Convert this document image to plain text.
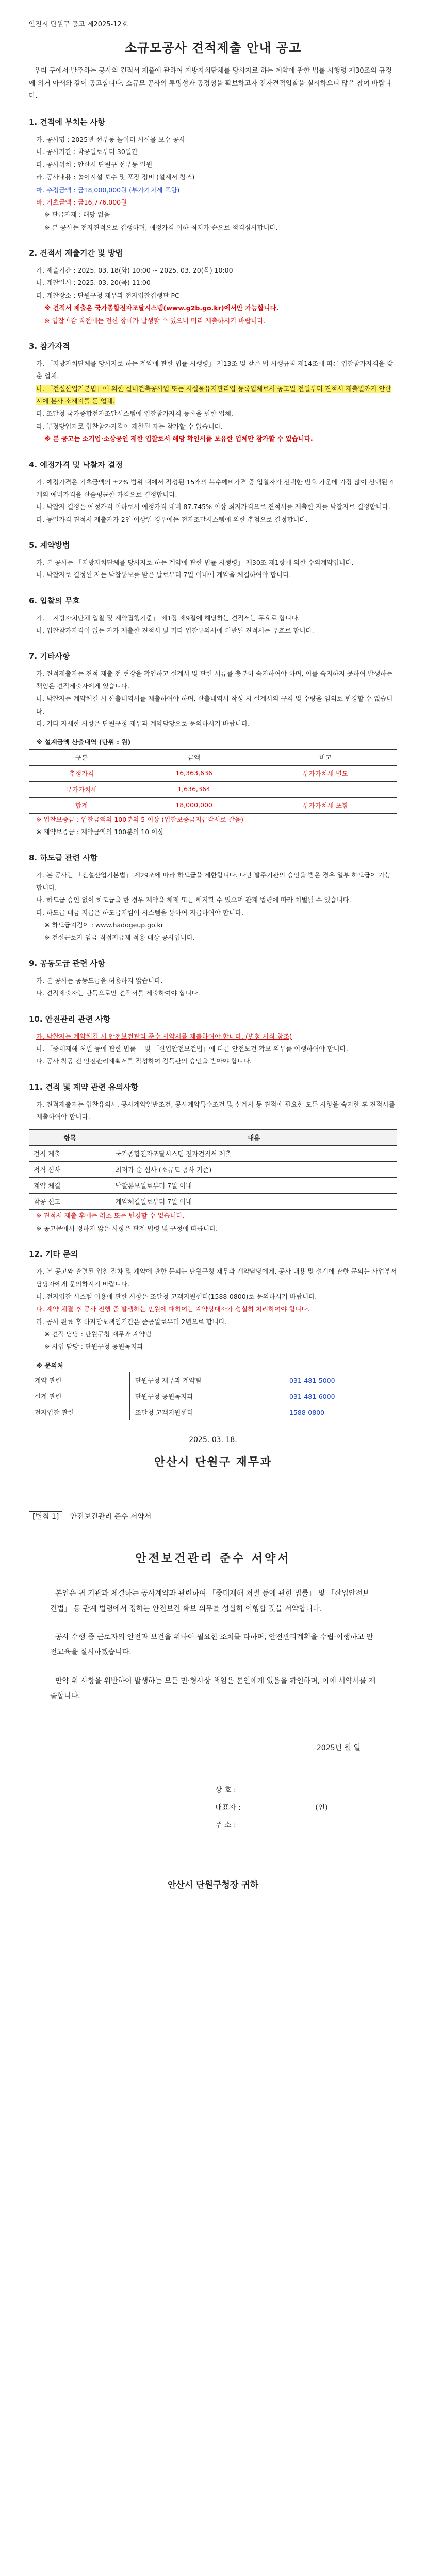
안전시 단원구 공고 제2025-12호
소규모공사 견적제출 안내 공고
우리 구에서 발주하는 공사의 견적서 제출에 관하여 지방자치단체를 당사자로 하는 계약에 관한 법률 시행령 제30조의 규정에 의거 아래와 같이 공고합니다. 소규모 공사의 투명성과 공정성을 확보하고자 전자견적입찰을 실시하오니 많은 참여 바랍니다.
1. 견적에 부치는 사항
가. 공사명 : 2025년 선부동 놀이터 시설물 보수 공사
나. 공사기간 : 착공일로부터 30일간
다. 공사위치 : 안산시 단원구 선부동 일원
라. 공사내용 : 놀이시설 보수 및 포장 정비 (설계서 참조)
마. 추정금액 : 금18,000,000원 (부가가치세 포함)
바. 기초금액 : 금16,776,000원
※ 관급자재 : 해당 없음
※ 본 공사는 전자견적으로 집행하며, 예정가격 이하 최저가 순으로 적격심사합니다.
2. 견적서 제출기간 및 방법
가. 제출기간 : 2025. 03. 18(화) 10:00 ~ 2025. 03. 20(목) 10:00
나. 개찰일시 : 2025. 03. 20(목) 11:00
다. 개찰장소 : 단원구청 재무과 전자입찰집행관 PC
※ 견적서 제출은 국가종합전자조달시스템(www.g2b.go.kr)에서만 가능합니다.
※ 입찰마감 직전에는 전산 장애가 발생할 수 있으니 미리 제출하시기 바랍니다.
3. 참가자격
가. 「지방자치단체를 당사자로 하는 계약에 관한 법률 시행령」 제13조 및 같은 법 시행규칙 제14조에 따른 입찰참가자격을 갖춘 업체.
나. 「건설산업기본법」에 의한 실내건축공사업 또는 시설물유지관리업 등록업체로서 공고일 전일부터 견적서 제출일까지 안산시에 본사 소재지를 둔 업체.
다. 조달청 국가종합전자조달시스템에 입찰참가자격 등록을 필한 업체.
라. 부정당업자로 입찰참가자격이 제한된 자는 참가할 수 없습니다.
※ 본 공고는 소기업·소상공인 제한 입찰로서 해당 확인서를 보유한 업체만 참가할 수 있습니다.
4. 예정가격 및 낙찰자 결정
가. 예정가격은 기초금액의 ±2% 범위 내에서 작성된 15개의 복수예비가격 중 입찰자가 선택한 번호 가운데 가장 많이 선택된 4개의 예비가격을 산술평균한 가격으로 결정합니다.
나. 낙찰자 결정은 예정가격 이하로서 예정가격 대비 87.745% 이상 최저가격으로 견적서를 제출한 자를 낙찰자로 결정합니다.
다. 동일가격 견적서 제출자가 2인 이상일 경우에는 전자조달시스템에 의한 추첨으로 결정합니다.
5. 계약방법
가. 본 공사는 「지방자치단체를 당사자로 하는 계약에 관한 법률 시행령」 제30조 제1항에 의한 수의계약입니다.
나. 낙찰자로 결정된 자는 낙찰통보를 받은 날로부터 7일 이내에 계약을 체결하여야 합니다.
6. 입찰의 무효
가. 「지방자치단체 입찰 및 계약집행기준」 제1장 제9절에 해당하는 견적서는 무효로 합니다.
나. 입찰참가자격이 없는 자가 제출한 견적서 및 기타 입찰유의서에 위반된 견적서는 무효로 합니다.
7. 기타사항
가. 견적제출자는 견적 제출 전 현장을 확인하고 설계서 및 관련 서류를 충분히 숙지하여야 하며, 이를 숙지하지 못하여 발생하는 책임은 견적제출자에게 있습니다.
나. 낙찰자는 계약체결 시 산출내역서를 제출하여야 하며, 산출내역서 작성 시 설계서의 규격 및 수량을 임의로 변경할 수 없습니다.
다. 기타 자세한 사항은 단원구청 재무과 계약담당으로 문의하시기 바랍니다.
※ 설계금액 산출내역 (단위 : 원)
구분	금액	비고
추정가격	16,363,636	부가가치세 별도
부가가치세	1,636,364	
합계	18,000,000	부가가치세 포함
※ 입찰보증금 : 입찰금액의 100분의 5 이상 (입찰보증금지급각서로 갈음)
※ 계약보증금 : 계약금액의 100분의 10 이상
8. 하도급 관련 사항
가. 본 공사는 「건설산업기본법」 제29조에 따라 하도급을 제한합니다. 다만 발주기관의 승인을 받은 경우 일부 하도급이 가능합니다.
나. 하도급 승인 없이 하도급을 한 경우 계약을 해제 또는 해지할 수 있으며 관계 법령에 따라 처벌될 수 있습니다.
다. 하도급 대금 지급은 하도급지킴이 시스템을 통하여 지급하여야 합니다.
※ 하도급지킴이 : www.hadogeup.go.kr
※ 건설근로자 임금 직접지급제 적용 대상 공사입니다.
9. 공동도급 관련 사항
가. 본 공사는 공동도급을 허용하지 않습니다.
나. 견적제출자는 단독으로만 견적서를 제출하여야 합니다.
10. 안전관리 관련 사항
가. 낙찰자는 계약체결 시 안전보건관리 준수 서약서를 제출하여야 합니다. (별첨 서식 참조)
나. 「중대재해 처벌 등에 관한 법률」 및 「산업안전보건법」에 따른 안전보건 확보 의무를 이행하여야 합니다.
다. 공사 착공 전 안전관리계획서를 작성하여 감독관의 승인을 받아야 합니다.
11. 견적 및 계약 관련 유의사항
가. 견적제출자는 입찰유의서, 공사계약일반조건, 공사계약특수조건 및 설계서 등 견적에 필요한 모든 사항을 숙지한 후 견적서를 제출하여야 합니다.
항목	내용
견적 제출	국가종합전자조달시스템 전자견적서 제출
적격 심사	최저가 순 심사 (소규모 공사 기준)
계약 체결	낙찰통보일로부터 7일 이내
착공 신고	계약체결일로부터 7일 이내
※ 견적서 제출 후에는 취소 또는 변경할 수 없습니다.
※ 공고문에서 정하지 않은 사항은 관계 법령 및 규정에 따릅니다.
12. 기타 문의
가. 본 공고와 관련된 입찰 절차 및 계약에 관한 문의는 단원구청 재무과 계약담당에게, 공사 내용 및 설계에 관한 문의는 사업부서 담당자에게 문의하시기 바랍니다.
나. 전자입찰 시스템 이용에 관한 사항은 조달청 고객지원센터(1588-0800)로 문의하시기 바랍니다.
다. 계약 체결 후 공사 진행 중 발생하는 민원에 대하여는 계약상대자가 성실히 처리하여야 합니다.
라. 공사 완료 후 하자담보책임기간은 준공일로부터 2년으로 합니다.
※ 견적 담당 : 단원구청 재무과 계약팀
※ 사업 담당 : 단원구청 공원녹지과
※ 문의처
계약 관련	단원구청 재무과 계약팀	031-481-5000
설계 관련	단원구청 공원녹지과	031-481-6000
전자입찰 관련	조달청 고객지원센터	1588-0800
2025. 03. 18.
안산시 단원구 재무과
[별첨 1] 안전보건관리 준수 서약서
안전보건관리 준수 서약서
본인은 귀 기관과 체결하는 공사계약과 관련하여 「중대재해 처벌 등에 관한 법률」 및 「산업안전보건법」 등 관계 법령에서 정하는 안전보건 확보 의무를 성실히 이행할 것을 서약합니다.
공사 수행 중 근로자의 안전과 보건을 위하여 필요한 조치를 다하며, 안전관리계획을 수립·이행하고 안전교육을 실시하겠습니다.
만약 위 사항을 위반하여 발생하는 모든 민·형사상 책임은 본인에게 있음을 확인하며, 이에 서약서를 제출합니다.
2025년 월 일
상 호 :
대표자 :	(인)
주 소 :
안산시 단원구청장 귀하
